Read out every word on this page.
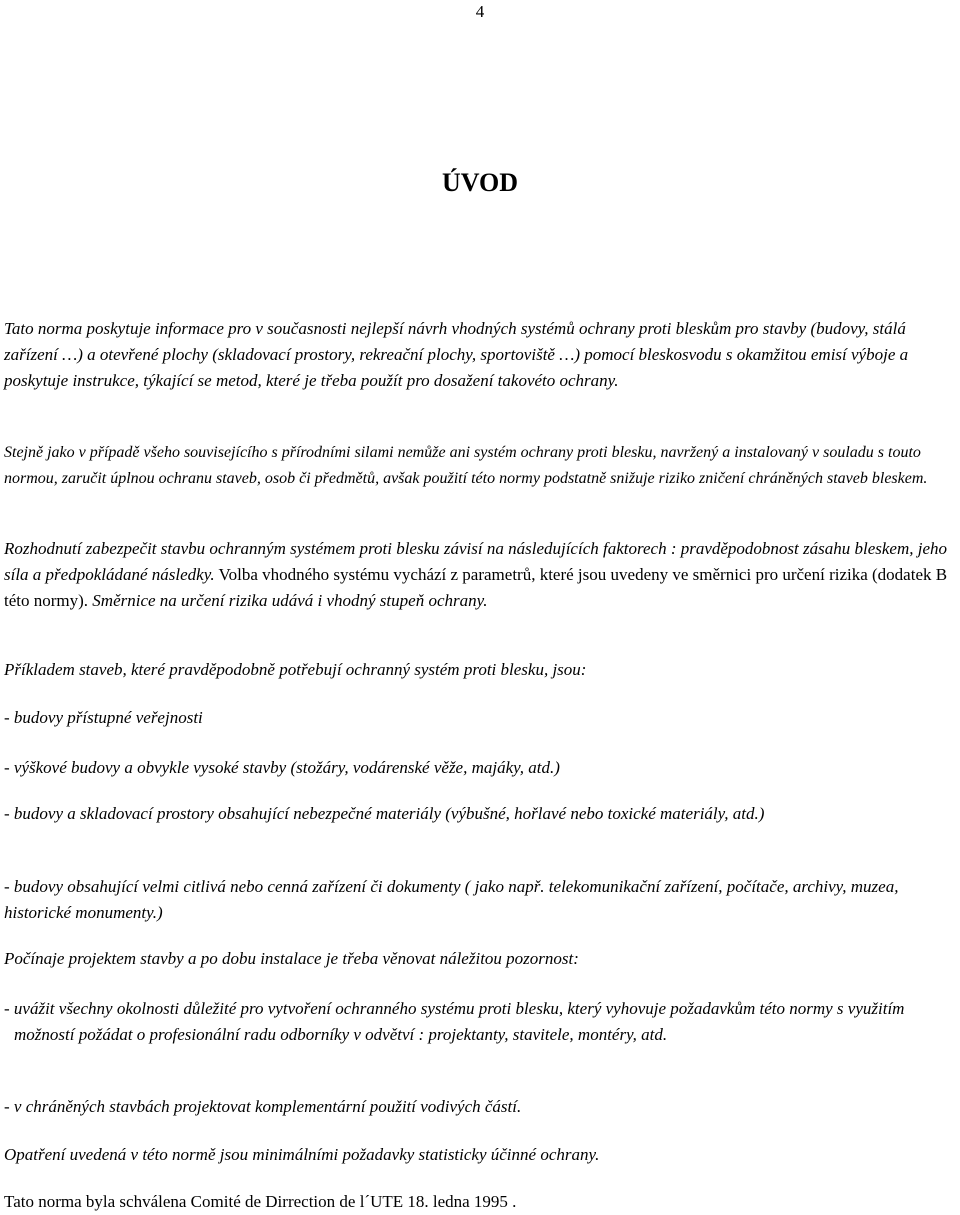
4
ÚVOD

Tato norma poskytuje informace pro v současnosti nejlepší návrh vhodných systémů ochrany proti bleskům pro stavby (budovy, stálá zařízení …) a otevřené plochy (skladovací prostory, rekreační plochy, sportoviště …) pomocí bleskosvodu s okamžitou emisí výboje a poskytuje instrukce, týkající se metod, které je třeba použít pro dosažení takovéto ochrany.

Stejně jako v případě všeho souvisejícího s přírodními silami nemůže ani systém ochrany proti blesku, navržený a instalovaný v souladu s touto normou, zaručit úplnou ochranu staveb, osob či předmětů, avšak použití této normy podstatně snižuje riziko zničení chráněných staveb bleskem.

Rozhodnutí zabezpečit stavbu ochranným systémem proti blesku závisí na následujících faktorech : pravděpodobnost zásahu bleskem, jeho síla a předpokládané následky. Volba vhodného systému vychází z parametrů, které jsou uvedeny ve směrnici pro určení rizika (dodatek B této normy). Směrnice na určení rizika udává i vhodný stupeň ochrany.

Příkladem staveb, které pravděpodobně potřebují ochranný systém proti blesku, jsou:

- budovy přístupné veřejnosti

- výškové budovy a obvykle vysoké stavby (stožáry, vodárenské věže, majáky, atd.)

- budovy a skladovací prostory obsahující nebezpečné materiály (výbušné, hořlavé nebo toxické materiály, atd.)

- budovy obsahující velmi citlivá nebo cenná zařízení či dokumenty ( jako např. telekomunikační zařízení, počítače, archivy, muzea, historické monumenty.)

Počínaje projektem stavby a po dobu instalace je třeba věnovat náležitou pozornost:

- uvážit všechny okolnosti důležité pro vytvoření ochranného systému proti blesku, který vyhovuje požadavkům této normy s využitím možností požádat o profesionální radu odborníky v odvětví : projektanty, stavitele, montéry, atd.

- v chráněných stavbách projektovat komplementární použití vodivých částí.

Opatření uvedená v této normě jsou minimálními požadavky statisticky účinné ochrany.

Tato norma byla schválena Comité de Dirrection de l´UTE 18. ledna 1995 .
